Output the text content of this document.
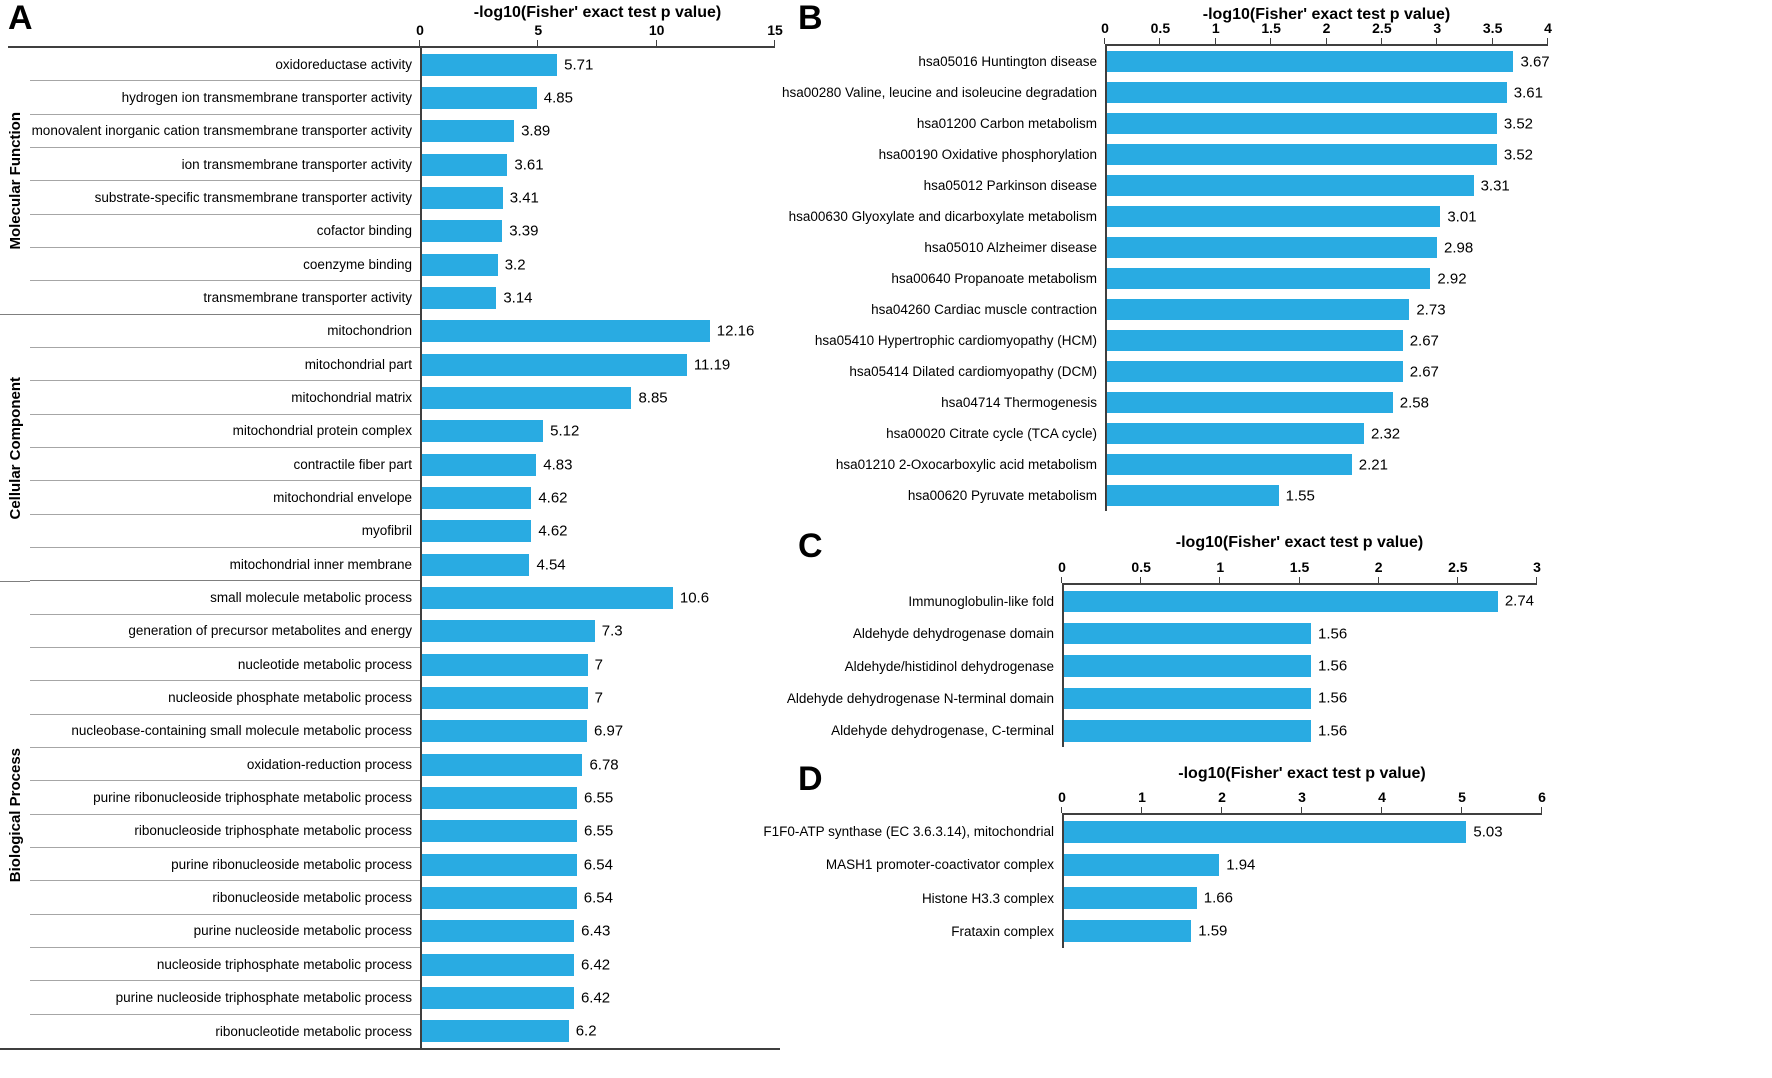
A	-log10(Fisher' exact test p value)
0	5	10	15
Molecular Function
Cellular Component
Biological Process
oxidoreductase activity	5.71
hydrogen ion transmembrane transporter activity	4.85
monovalent inorganic cation transmembrane transporter activity	3.89
ion transmembrane transporter activity	3.61
substrate-specific transmembrane transporter activity	3.41
cofactor binding	3.39
coenzyme binding	3.2
transmembrane transporter activity	3.14
mitochondrion	12.16
mitochondrial part	11.19
mitochondrial matrix	8.85
mitochondrial protein complex	5.12
contractile fiber part	4.83
mitochondrial envelope	4.62
myofibril	4.62
mitochondrial inner membrane	4.54
small molecule metabolic process	10.6
generation of precursor metabolites and energy	7.3
nucleotide metabolic process	7
nucleoside phosphate metabolic process	7
nucleobase-containing small molecule metabolic process	6.97
oxidation-reduction process	6.78
purine ribonucleoside triphosphate metabolic process	6.55
ribonucleoside triphosphate metabolic process	6.55
purine ribonucleoside metabolic process	6.54
ribonucleoside metabolic process	6.54
purine nucleoside metabolic process	6.43
nucleoside triphosphate metabolic process	6.42
purine nucleoside triphosphate metabolic process	6.42
ribonucleotide metabolic process	6.2
B	-log10(Fisher' exact test p value)
0	0.5	1	1.5	2	2.5	3	3.5	4
hsa05016 Huntington disease	3.67
hsa00280 Valine, leucine and isoleucine degradation	3.61
hsa01200 Carbon metabolism	3.52
hsa00190 Oxidative phosphorylation	3.52
hsa05012 Parkinson disease	3.31
hsa00630 Glyoxylate and dicarboxylate metabolism	3.01
hsa05010 Alzheimer disease	2.98
hsa00640 Propanoate metabolism	2.92
hsa04260 Cardiac muscle contraction	2.73
hsa05410 Hypertrophic cardiomyopathy (HCM)	2.67
hsa05414 Dilated cardiomyopathy (DCM)	2.67
hsa04714 Thermogenesis	2.58
hsa00020 Citrate cycle (TCA cycle)	2.32
hsa01210 2-Oxocarboxylic acid metabolism	2.21
hsa00620 Pyruvate metabolism	1.55
C	-log10(Fisher' exact test p value)
0	0.5	1	1.5	2	2.5	3
Immunoglobulin-like fold	2.74
Aldehyde dehydrogenase domain	1.56
Aldehyde/histidinol dehydrogenase	1.56
Aldehyde dehydrogenase N-terminal domain	1.56
Aldehyde dehydrogenase, C-terminal	1.56
D	-log10(Fisher' exact test p value)
0	1	2	3	4	5	6
F1F0-ATP synthase (EC 3.6.3.14), mitochondrial	5.03
MASH1 promoter-coactivator complex	1.94
Histone H3.3 complex	1.66
Frataxin complex	1.59
